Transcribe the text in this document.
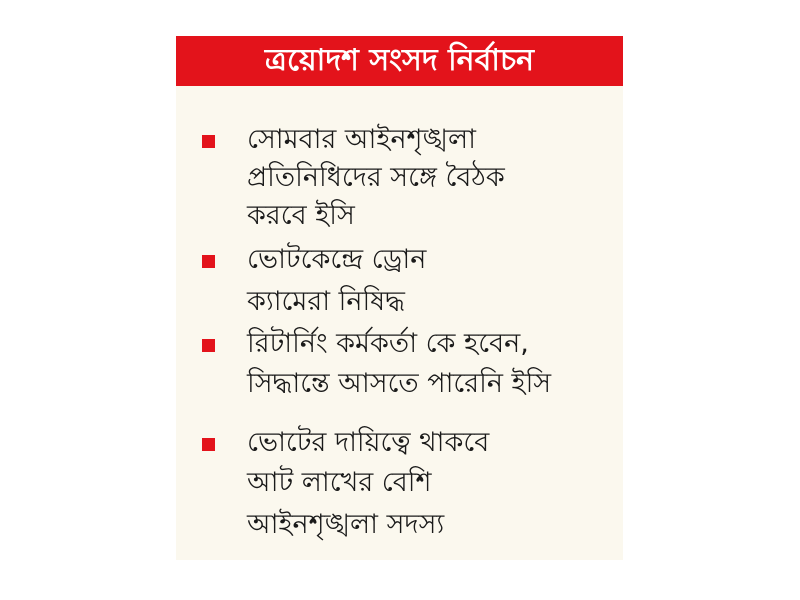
ত্রয়োদশ সংসদ নির্বাচন
সোমবার আইনশৃঙ্খলা
প্রতিনিধিদের সঙ্গে বৈঠক
করবে ইসি
ভোটকেন্দ্রে ড্রোন
ক্যামেরা নিষিদ্ধ
রিটার্নিং কর্মকর্তা কে হবেন,
সিদ্ধান্তে আসতে পারেনি ইসি
ভোটের দায়িত্বে থাকবে
আট লাখের বেশি
আইনশৃঙ্খলা সদস্য
